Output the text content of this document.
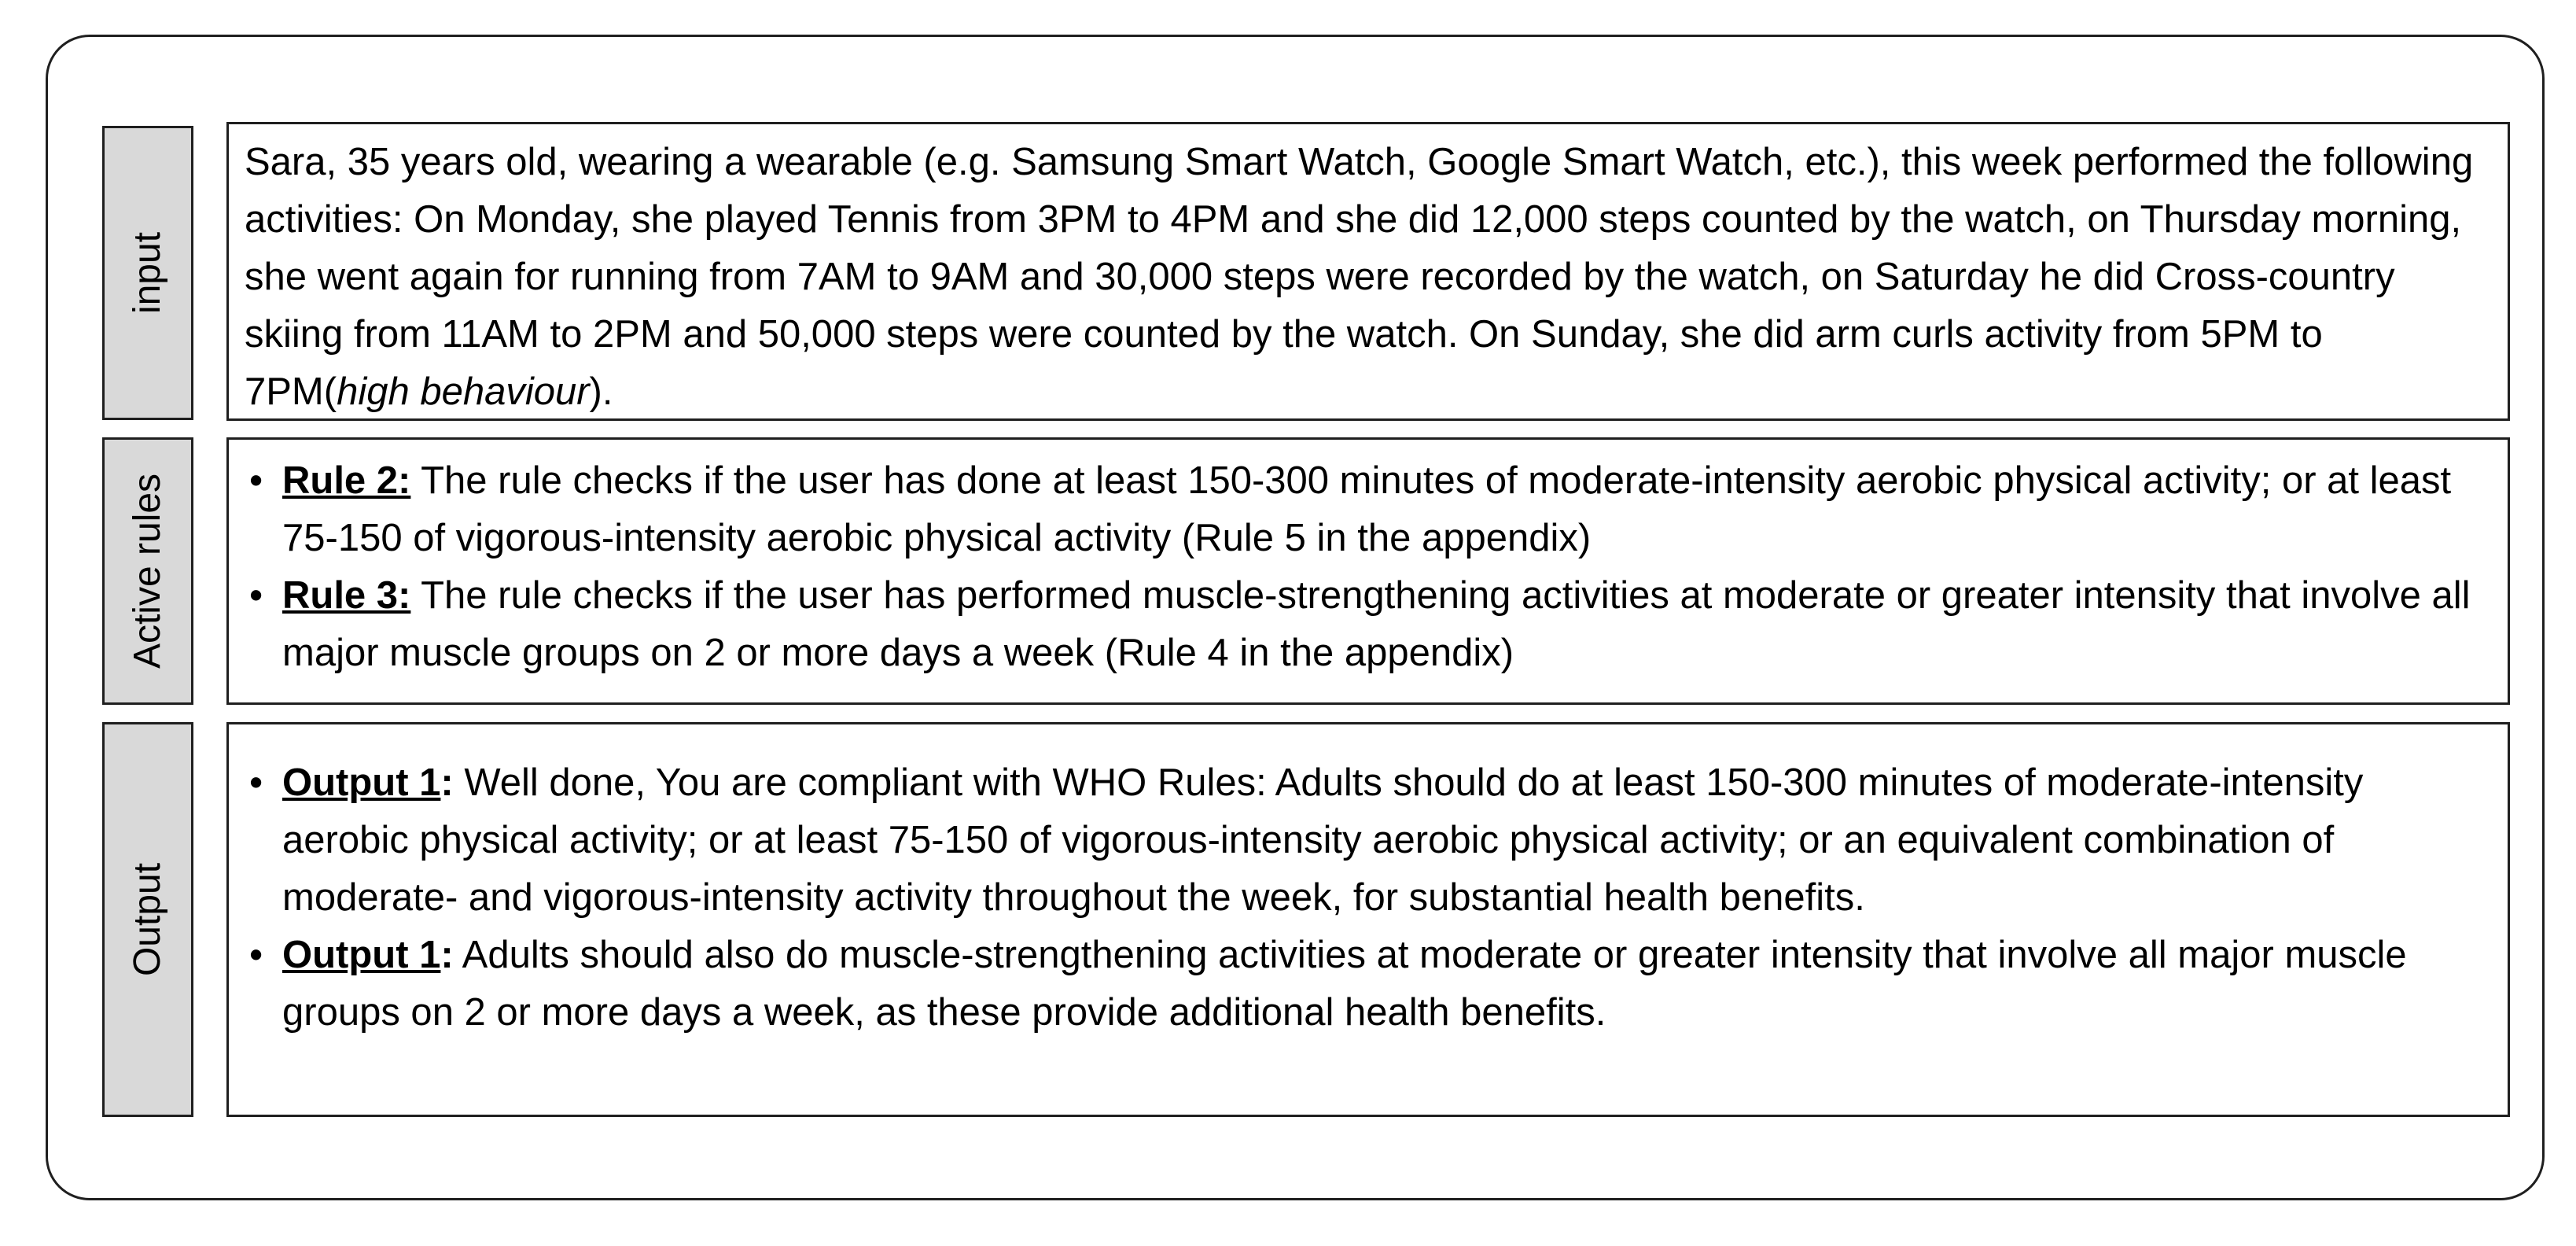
input

Sara, 35 years old, wearing a wearable (e.g. Samsung Smart Watch, Google Smart Watch, etc.), this week performed the following activities: On Monday, she played Tennis from 3PM to 4PM and she did 12,000 steps counted by the watch, on Thursday morning, she went again for running from 7AM to 9AM and 30,000 steps were recorded by the watch, on Saturday he did Cross-country skiing from 11AM to 2PM and 50,000 steps were counted by the watch. On Sunday, she did arm curls activity from 5PM to 7PM(high behaviour).

Active rules • Rule 2: The rule checks if the user has done at least 150-300 minutes of moderate-intensity aerobic physical activity; or at least 75-150 of vigorous-intensity aerobic physical activity (Rule 5 in the appendix)
• Rule 3: The rule checks if the user has performed muscle-strengthening activities at moderate or greater intensity that involve all major muscle groups on 2 or more days a week (Rule 4 in the appendix)
Output
• Output 1: Well done, You are compliant with WHO Rules: Adults should do at least 150-300 minutes of moderate-intensity aerobic physical activity; or at least 75-150 of vigorous-intensity aerobic physical activity; or an equivalent combination of moderate- and vigorous-intensity activity throughout the week, for substantial health benefits.
• Output 1: Adults should also do muscle-strengthening activities at moderate or greater intensity that involve all major muscle groups on 2 or more days a week, as these provide additional health benefits.
